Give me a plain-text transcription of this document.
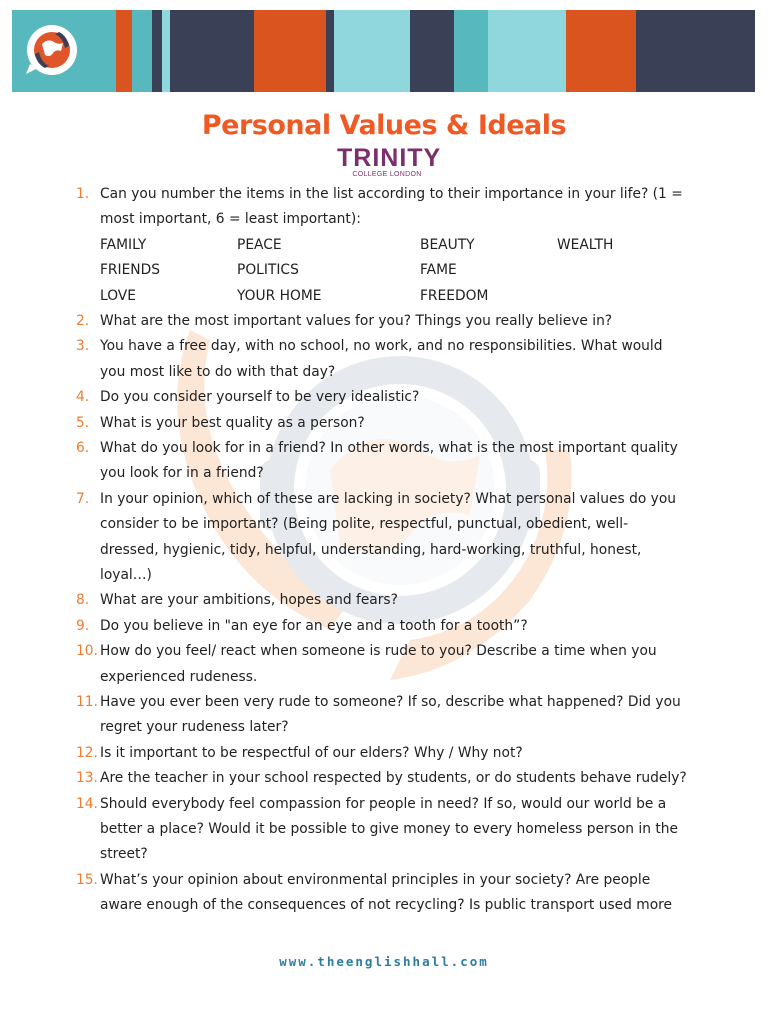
Personal Values & Ideals
TRINITY
COLLEGE LONDON
1. Can you number the items in the list according to their importance in your life? (1 =
most important, 6 = least important):
FAMILY	PEACE	BEAUTY	WEALTH
FRIENDS	POLITICS	FAME
LOVE	YOUR HOME	FREEDOM
2. What are the most important values for you? Things you really believe in?
3. You have a free day, with no school, no work, and no responsibilities. What would
you most like to do with that day?
4. Do you consider yourself to be very idealistic?
5. What is your best quality as a person?
6. What do you look for in a friend? In other words, what is the most important quality
you look for in a friend?
7. In your opinion, which of these are lacking in society? What personal values do you
consider to be important? (Being polite, respectful, punctual, obedient, well-
dressed, hygienic, tidy, helpful, understanding, hard-working, truthful, honest,
loyal…)
8. What are your ambitions, hopes and fears?
9. Do you believe in "an eye for an eye and a tooth for a tooth”?
10. How do you feel/ react when someone is rude to you? Describe a time when you
experienced rudeness.
11. Have you ever been very rude to someone? If so, describe what happened? Did you
regret your rudeness later?
12. Is it important to be respectful of our elders? Why / Why not?
13. Are the teacher in your school respected by students, or do students behave rudely?
14. Should everybody feel compassion for people in need? If so, would our world be a
better a place? Would it be possible to give money to every homeless person in the
street?
15. What’s your opinion about environmental principles in your society? Are people
aware enough of the consequences of not recycling? Is public transport used more
www.theenglishhall.com
